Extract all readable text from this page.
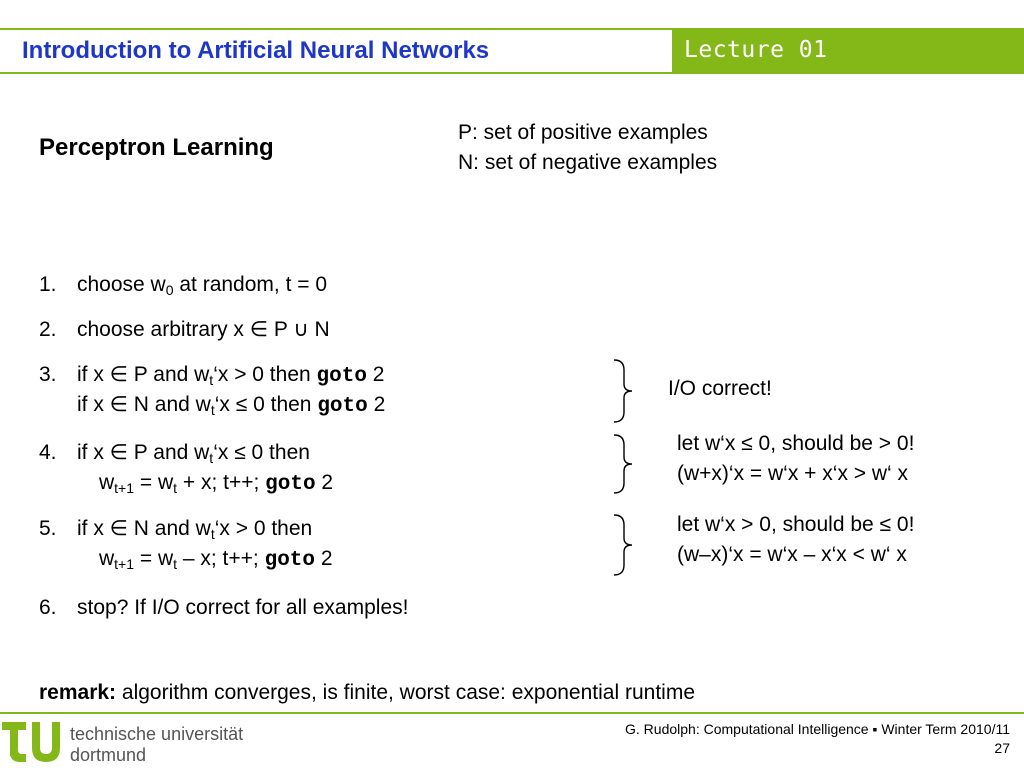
Introduction to Artificial Neural Networks	Lecture 01
Perceptron Learning
P: set of positive examples
N: set of negative examples
1. choose $w_0$ at random, t = 0
2. choose arbitrary x ∈ P ∪ N
3. if x ∈ P and $w_t‘x > 0$ then goto 2
if x ∈ N and $w_t‘x \le 0$ then goto 2
4. if x ∈ P and $w_t‘x \le 0$ then
$w_{t+1} = w_t + x$; t++; goto 2
5. if x ∈ N and $w_t‘x > 0$ then
$w_{t+1} = w_t - x$; t++; goto 2
6. stop? If I/O correct for all examples!
I/O correct!
let w‘x ≤ 0, should be > 0!
(w+x)‘x = w‘x + x‘x > w‘ x
let w‘x > 0, should be ≤ 0!
(w–x)‘x = w‘x – x‘x < w‘ x
remark: algorithm converges, is finite, worst case: exponential runtime
technische universität
dortmund
G. Rudolph: Computational Intelligence ▪ Winter Term 2010/11
27
